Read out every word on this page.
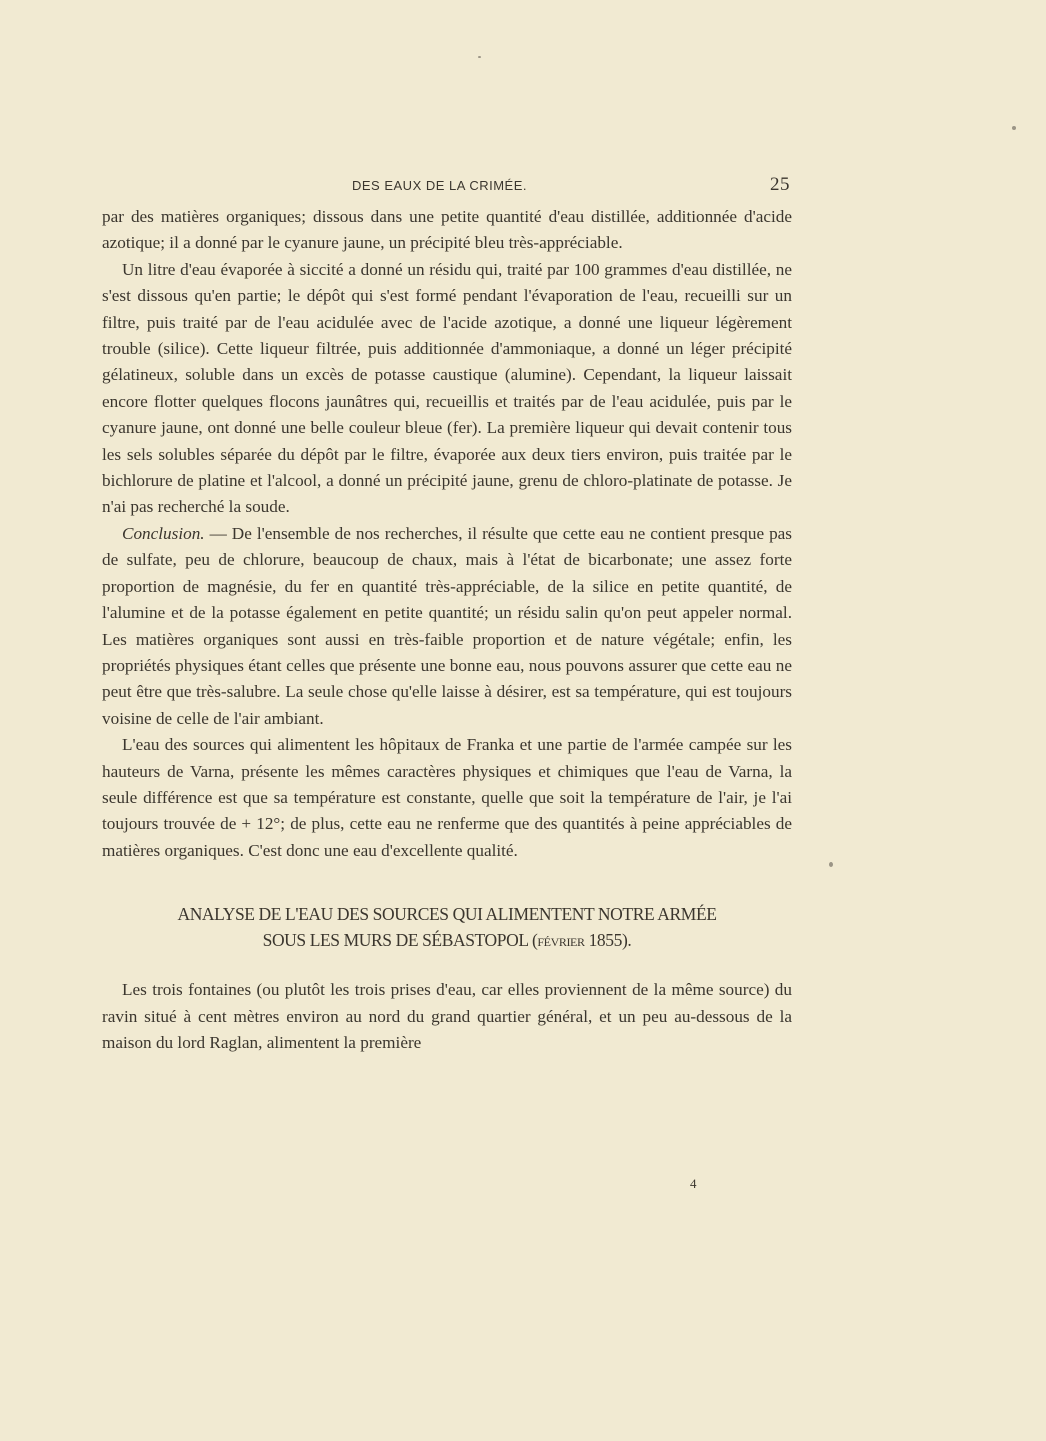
DES EAUX DE LA CRIMÉE.	25

par des matières organiques; dissous dans une petite quantité d'eau distillée, additionnée d'acide azotique; il a donné par le cyanure jaune, un précipité bleu très-appréciable.

Un litre d'eau évaporée à siccité a donné un résidu qui, traité par 100 grammes d'eau distillée, ne s'est dissous qu'en partie; le dépôt qui s'est formé pendant l'évaporation de l'eau, recueilli sur un filtre, puis traité par de l'eau acidulée avec de l'acide azotique, a donné une liqueur légèrement trouble (silice). Cette liqueur filtrée, puis additionnée d'ammoniaque, a donné un léger précipité gélatineux, soluble dans un excès de potasse caustique (alumine). Cependant, la liqueur laissait encore flotter quelques flocons jaunâtres qui, recueillis et traités par de l'eau acidulée, puis par le cyanure jaune, ont donné une belle couleur bleue (fer). La première liqueur qui devait contenir tous les sels solubles séparée du dépôt par le filtre, évaporée aux deux tiers environ, puis traitée par le bichlorure de platine et l'alcool, a donné un précipité jaune, grenu de chloro-platinate de potasse. Je n'ai pas recherché la soude.

Conclusion. — De l'ensemble de nos recherches, il résulte que cette eau ne contient presque pas de sulfate, peu de chlorure, beaucoup de chaux, mais à l'état de bicarbonate; une assez forte proportion de magnésie, du fer en quantité très-appréciable, de la silice en petite quantité, de l'alumine et de la potasse également en petite quantité; un résidu salin qu'on peut appeler normal. Les matières organiques sont aussi en très-faible proportion et de nature végétale; enfin, les propriétés physiques étant celles que présente une bonne eau, nous pouvons assurer que cette eau ne peut être que très-salubre. La seule chose qu'elle laisse à désirer, est sa température, qui est toujours voisine de celle de l'air ambiant.

L'eau des sources qui alimentent les hôpitaux de Franka et une partie de l'armée campée sur les hauteurs de Varna, présente les mêmes caractères physiques et chimiques que l'eau de Varna, la seule différence est que sa température est constante, quelle que soit la température de l'air, je l'ai toujours trouvée de + 12°; de plus, cette eau ne renferme que des quantités à peine appréciables de matières organiques. C'est donc une eau d'excellente qualité.

ANALYSE DE L'EAU DES SOURCES QUI ALIMENTENT NOTRE ARMÉE
SOUS LES MURS DE SÉBASTOPOL (février 1855).

Les trois fontaines (ou plutôt les trois prises d'eau, car elles proviennent de la même source) du ravin situé à cent mètres environ au nord du grand quartier général, et un peu au-dessous de la maison du lord Raglan, alimentent la première

4
